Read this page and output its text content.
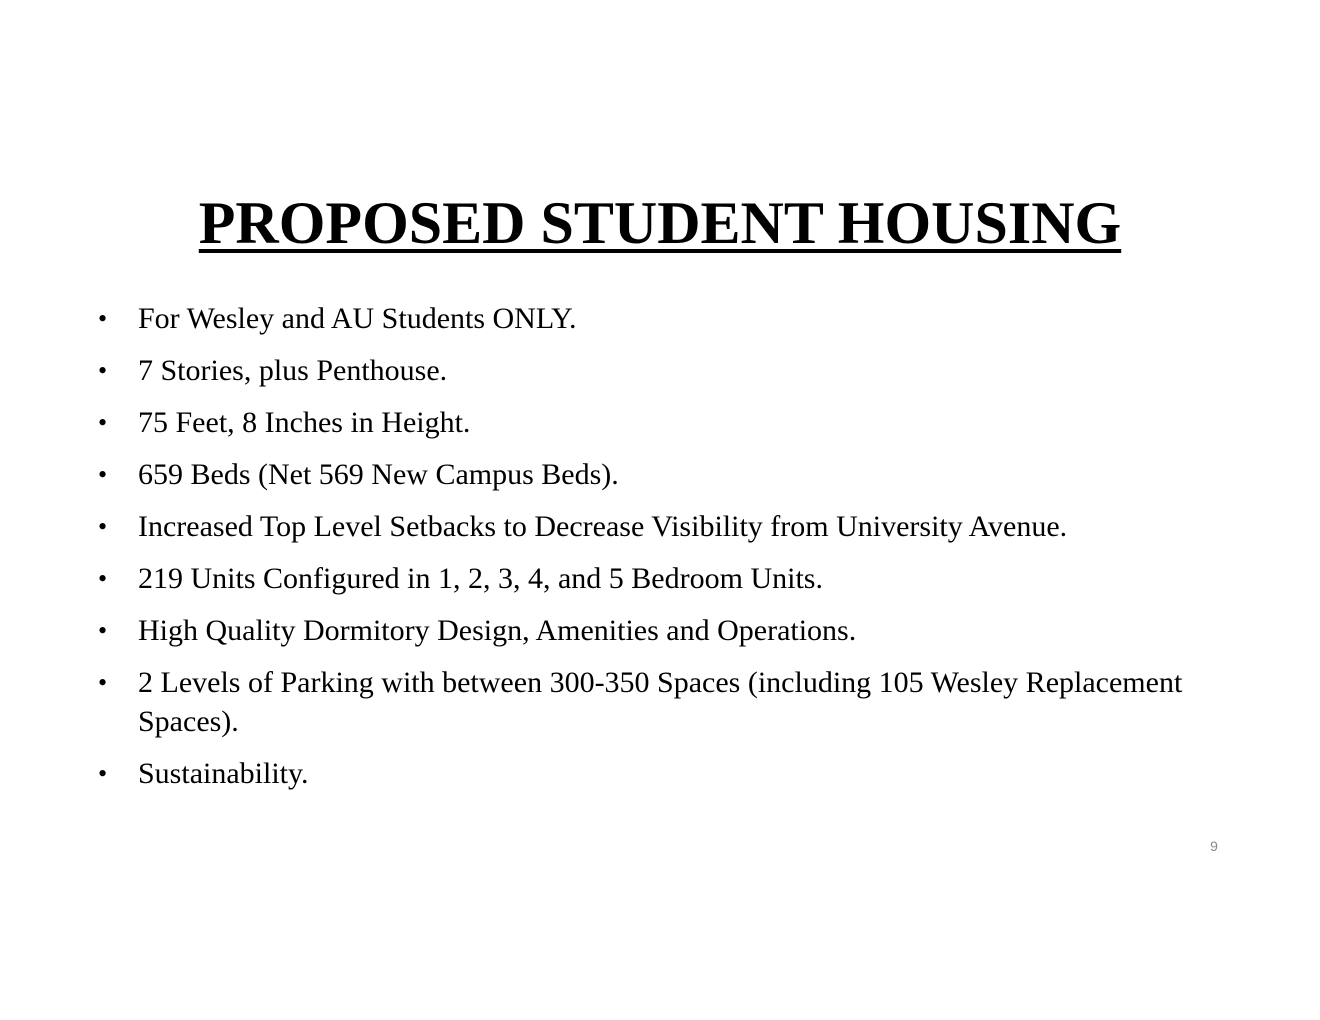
PROPOSED STUDENT HOUSING
•	For Wesley and AU Students ONLY.
•	7 Stories, plus Penthouse.
•	75 Feet, 8 Inches in Height.
•	659 Beds (Net 569 New Campus Beds).
•	Increased Top Level Setbacks to Decrease Visibility from University Avenue.
•	219 Units Configured in 1, 2, 3, 4, and 5 Bedroom Units.
•	High Quality Dormitory Design, Amenities and Operations.
•	2 Levels of Parking with between 300-350 Spaces (including 105 Wesley Replacement Spaces).
•	Sustainability.
9
